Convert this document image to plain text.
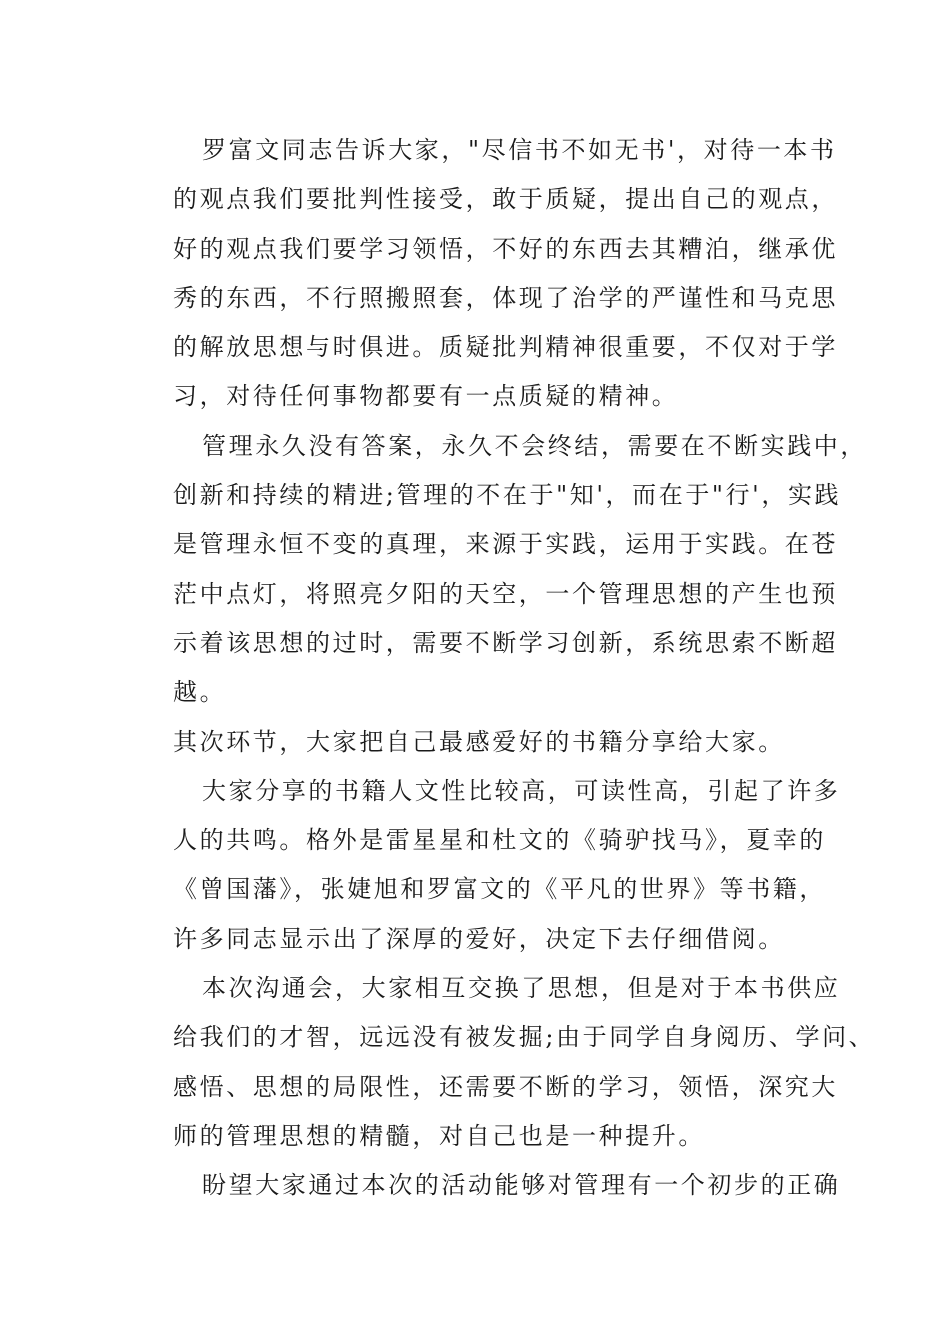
罗富文同志告诉大家，"尽信书不如无书'，对待一本书
的观点我们要批判性接受，敢于质疑，提出自己的观点，
好的观点我们要学习领悟，不好的东西去其糟泊，继承优
秀的东西，不行照搬照套，体现了治学的严谨性和马克思
的解放思想与时俱进。质疑批判精神很重要，不仅对于学
习，对待任何事物都要有一点质疑的精神。
管理永久没有答案，永久不会终结，需要在不断实践中，
创新和持续的精进;管理的不在于"知'，而在于"行'，实践
是管理永恒不变的真理，来源于实践，运用于实践。在苍
茫中点灯，将照亮夕阳的天空，一个管理思想的产生也预
示着该思想的过时，需要不断学习创新，系统思索不断超
越。
其次环节，大家把自己最感爱好的书籍分享给大家。
大家分享的书籍人文性比较高，可读性高，引起了许多
人的共鸣。格外是雷星星和杜文的《骑驴找马》，夏幸的
《曾国藩》，张婕旭和罗富文的《平凡的世界》等书籍，
许多同志显示出了深厚的爱好，决定下去仔细借阅。
本次沟通会，大家相互交换了思想，但是对于本书供应
给我们的才智，远远没有被发掘;由于同学自身阅历、学问、
感悟、思想的局限性，还需要不断的学习，领悟，深究大
师的管理思想的精髓，对自己也是一种提升。
盼望大家通过本次的活动能够对管理有一个初步的正确
